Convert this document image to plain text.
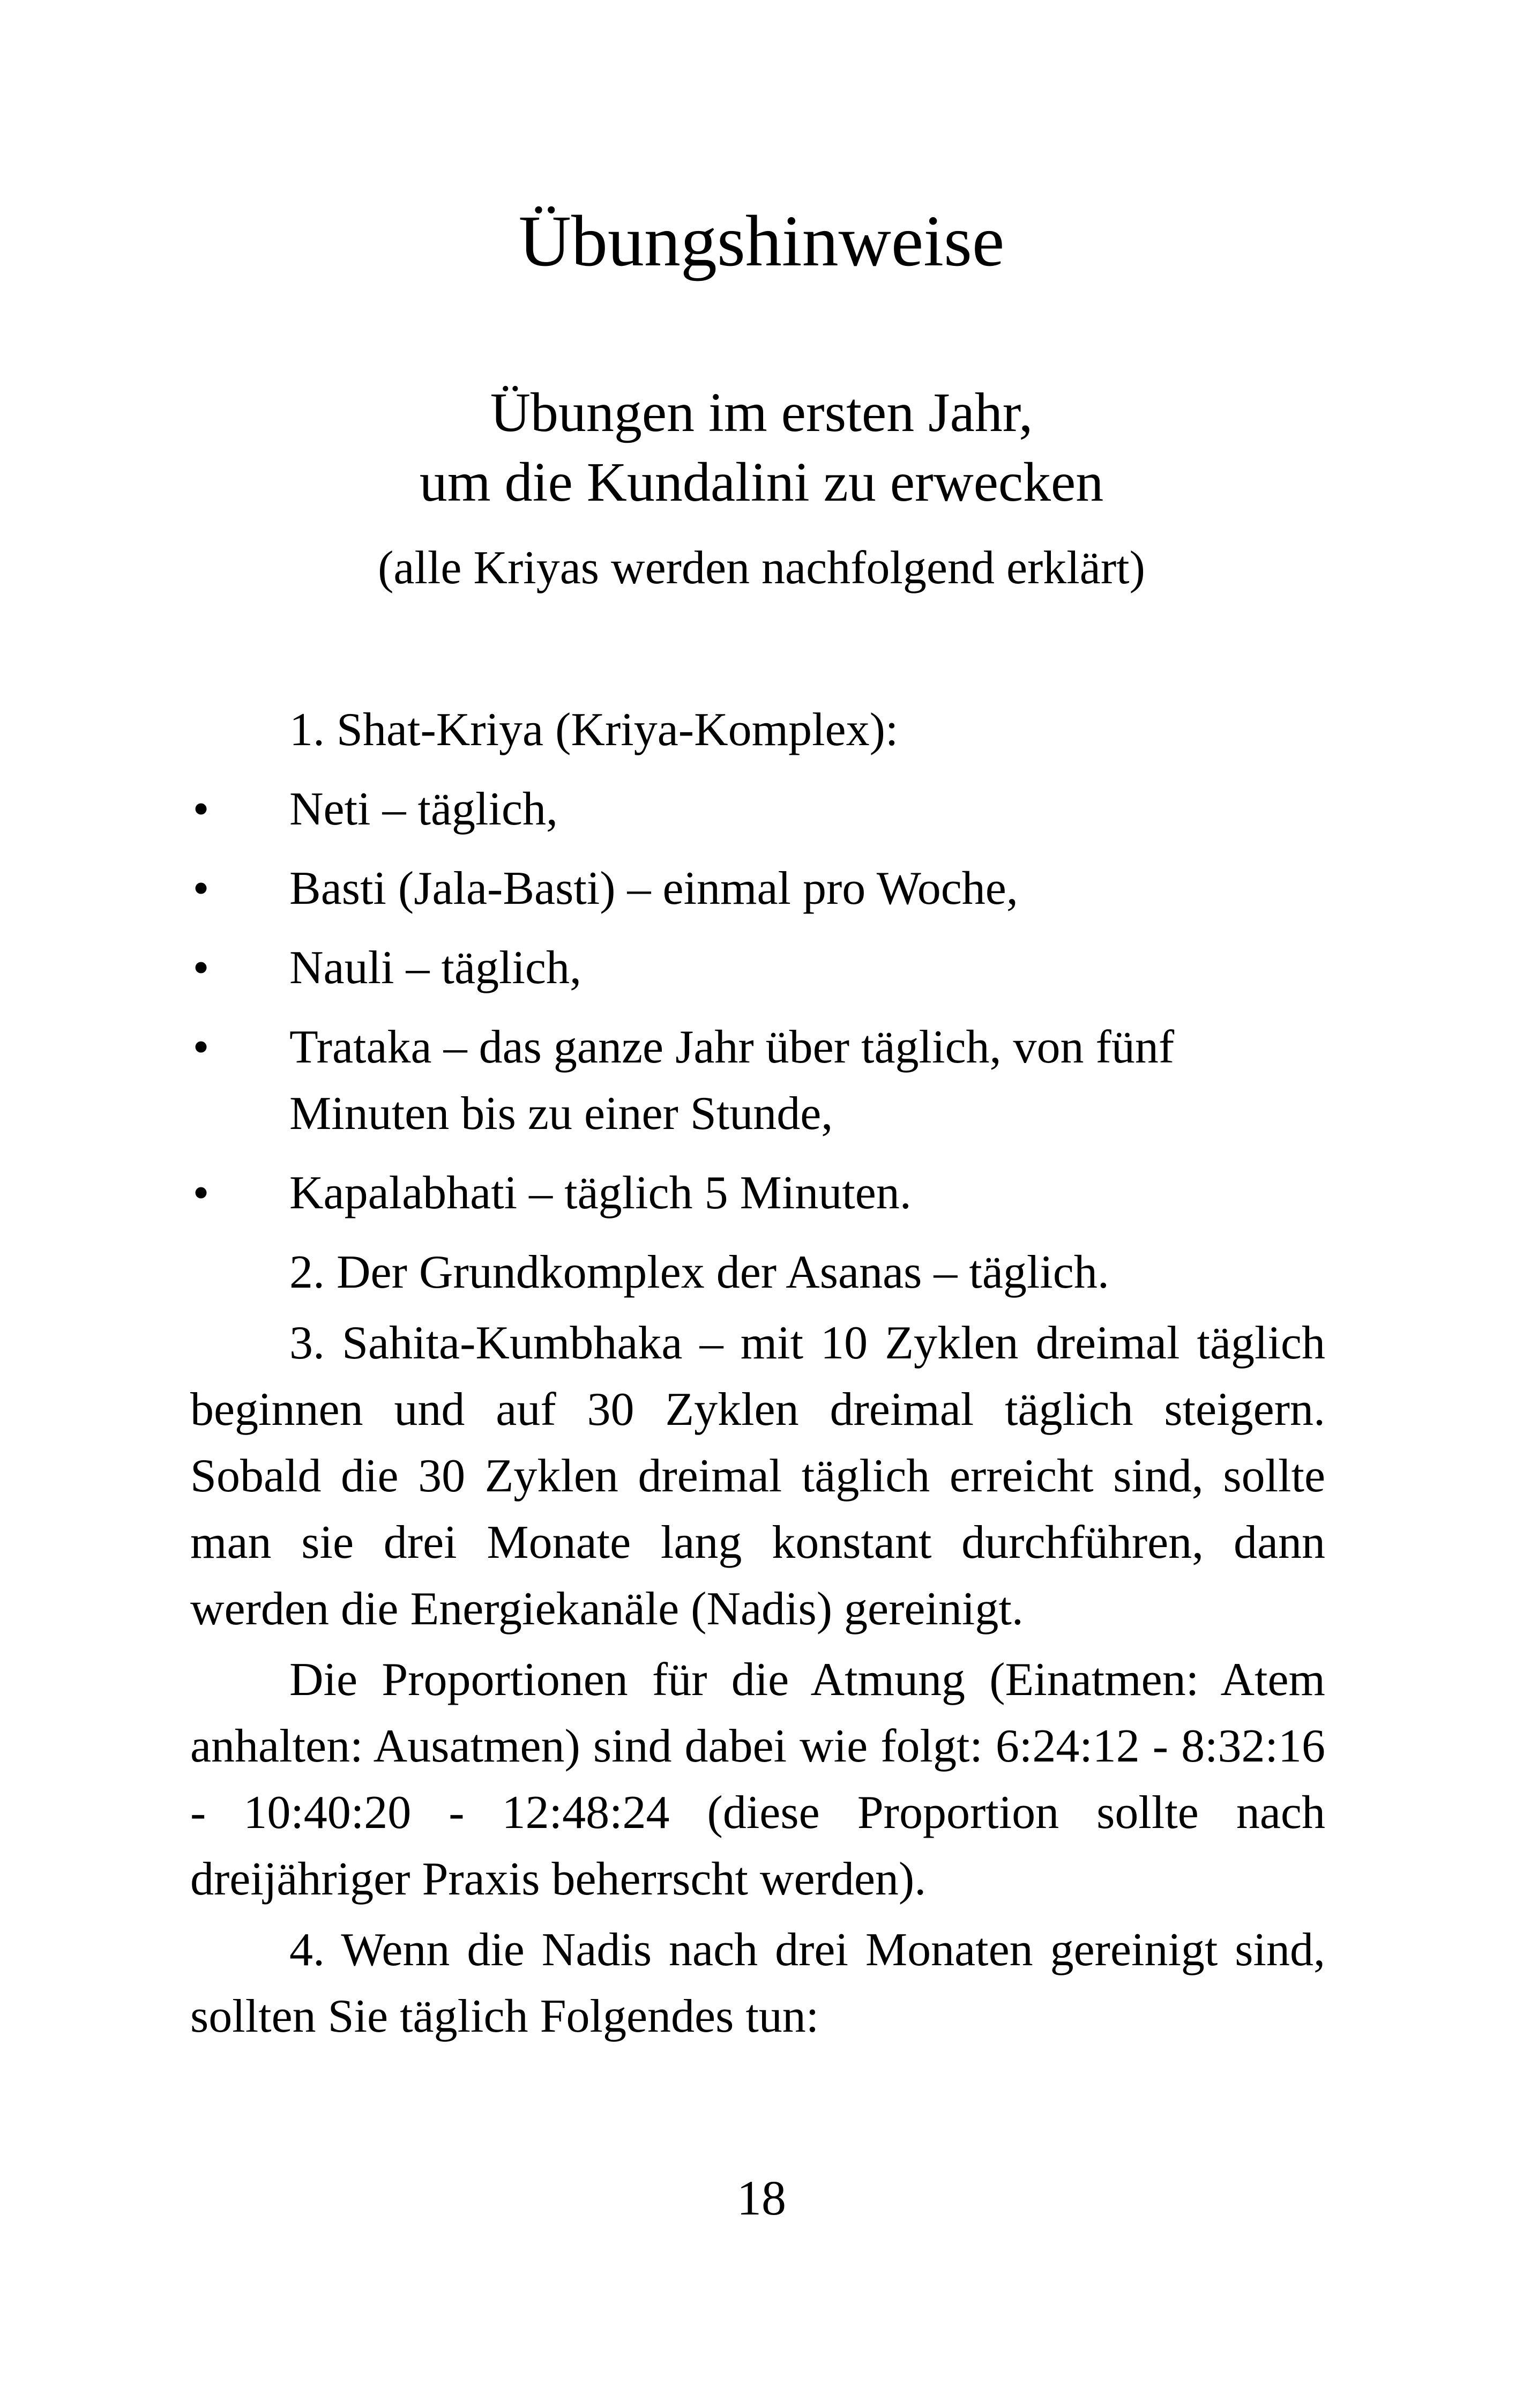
Übungshinweise
Übungen im ersten Jahr,
um die Kundalini zu erwecken
(alle Kriyas werden nachfolgend erklärt)

1. Shat-Kriya (Kriya-Komplex):

• Neti – täglich,
• Basti (Jala-Basti) – einmal pro Woche,
• Nauli – täglich,
• Trataka – das ganze Jahr über täglich, von fünf Minuten bis zu einer Stunde,
• Kapalabhati – täglich 5 Minuten.

2. Der Grundkomplex der Asanas – täglich.

3. Sahita-Kumbhaka – mit 10 Zyklen dreimal täglich beginnen und auf 30 Zyklen dreimal täglich steigern. Sobald die 30 Zyklen dreimal täglich erreicht sind, sollte man sie drei Monate lang konstant durchführen, dann werden die Energiekanäle (Nadis) gereinigt.

Die Proportionen für die Atmung (Einatmen: Atem anhalten: Ausatmen) sind dabei wie folgt: 6:24:12 - 8:32:16 - 10:40:20 - 12:48:24 (diese Proportion sollte nach dreijähriger Praxis beherrscht werden).

4. Wenn die Nadis nach drei Monaten gereinigt sind, sollten Sie täglich Folgendes tun:

18
